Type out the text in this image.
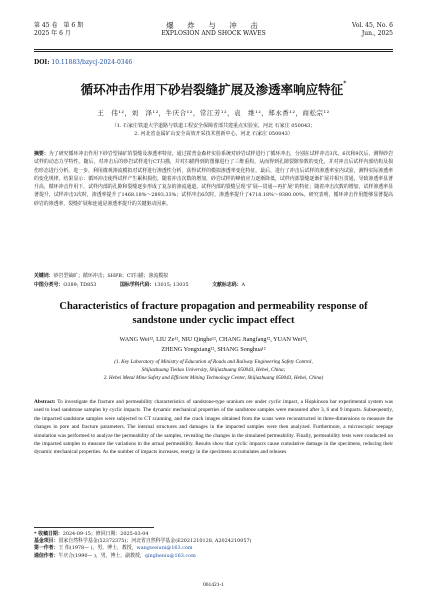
第 45 卷　第 6 期
2025 年 6 月
爆　炸　与　冲　击
EXPLOSION AND SHOCK WAVES
Vol. 45, No. 6
Jun., 2025
DOI: 10.11883/bzycj-2024-0346
循环冲击作用下砂岩裂缝扩展及渗透率响应特征*
王　伟¹²，刘　泽¹²，牛庆合¹²，常江芳¹²，袁　维¹²，郑永香¹²，商松宗¹²
（1. 石家庄铁道大学道路与铁道工程安全保障省部共建重点实验室，河北 石家庄 050043；
2. 河北省金属矿山安全高效开采技术创新中心，河北 石家庄 050043）
摘要：为了研究循环冲击作用下砂岩型铀矿的裂缝及渗透率特征，通过霍普金森杆实验系统对砂岩试样进行了循环冲击，分别在试样冲击3次、6次和9次后，测得砂岩试样的动态力学特性。随后，对冲击后的砂岩试样进行CT扫描，并对扫描得到的图像进行了三维重构，从而得到孔隙裂隙参数的变化，并对冲击后试样内部结构及损伤形态进行分析。进一步，利用微观渗流模拟对试样进行渗透性分析，获得试样的模拟渗透率变化特征。最后，进行了冲击后试样的渗透率室内试验，测得实际渗透率的变化规律。结果显示：循环冲击使得试样产生累积损伤，随着冲击次数的增加，砂岩试样的峰值应力逐渐降低，试样内部裂缝逐渐扩展并相互贯通，导致渗透率显著升高，循环冲击作用下，试样内部的孔隙和裂缝逐步形成了复杂的渗流通道，试样内部的裂缝呈现“扩展—贯通—再扩展”的特征；随着冲击次数的增加，试样渗透率显著提升，试样冲击3次时，渗透率提升了1468.18%～2893.33%；试样冲击6次时，渗透率提升了4718.18%～9380.00%。研究表明，循环冲击作用能够显著提高砂岩的渗透率，裂缝扩展和连通是渗透率提升的关键驱动因素。
关键词：砂岩型铀矿；循环冲击；SHPB；CT扫描；渗流模拟
中图分类号：O389; TD853	国标学科代码：13015; 13035	文献标志码：A
Characteristics of fracture propagation and permeability response of sandstone under cyclic impact effect
WANG Wei¹², LIU Ze¹², NIU Qinghe¹², CHANG Jiangfang¹², YUAN Wei¹²,
ZHENG Yongxiang¹², SHANG Songhua¹²
(1. Key Laboratory of Ministry of Education of Roads and Railway Engineering Safety Control,
Shijiazhuang Tiedao University, Shijiazhuang 050043, Hebei, China;
2. Hebei Metal Mine Safety and Efficient Mining Technology Center, Shijiazhuang 050043, Hebei, China)
Abstract: To investigate the fracture and permeability characteristics of sandstone-type uranium ore under cyclic impact, a Hopkinson bar experimental system was used to load sandstone samples by cyclic impacts. The dynamic mechanical properties of the sandstone samples were measured after 3, 6 and 9 impacts. Subsequently, the impacted sandstone samples were subjected to CT scanning, and the crack images obtained from the scans were reconstructed in three-dimensions to measure the changes in pore and fracture parameters. The internal structures and damages in the impacted samples were then analyzed. Furthermore, a microscopic seepage simulation was performed to analyze the permeability of the samples, revealing the changes in the simulated permeability. Finally, permeability tests were conducted on the impacted samples to measure the variations in the actual permeability. Results show that cyclic impacts cause cumulative damage in the specimens, reducing their dynamic mechanical properties. As the number of impacts increases, energy in the specimens accumulates and releases
* 收稿日期：2024-09-15；修回日期：2025-03-04
基金项目：国家自然科学基金(52372375)；河北省自然科学基金(E2021210128, A2024210057)
第一作者：王 伟(1978— )，男，博士，教授，wangweiuni@163.com
通信作者：牛庆合(1990— )，男，博士，副教授，qingheniu@163.com
061421-1
